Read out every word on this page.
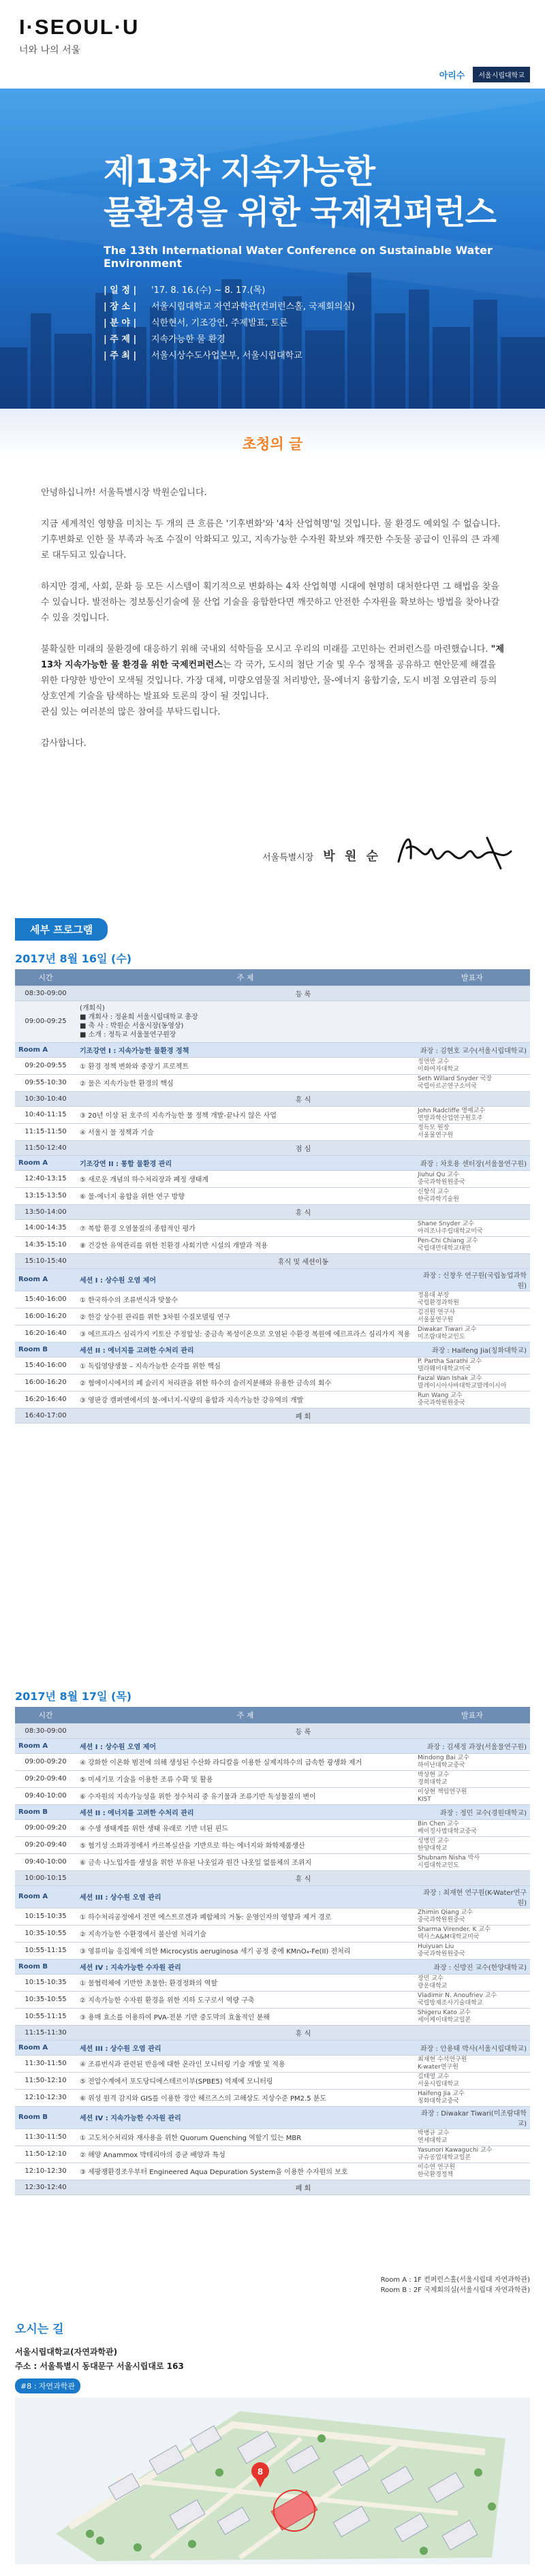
I·SEOUL·U
너와 나의 서울
아리수	서울시립대학교
제13차 지속가능한
물환경을 위한 국제컨퍼런스
The 13th International Water Conference on Sustainable Water Environment
| 일 정 | '17. 8. 16.(수) ~ 8. 17.(목)
| 장 소 | 서울시립대학교 자연과학관(컨퍼런스홀, 국제회의실)
| 분 야 | 식한현서, 기조강연, 주제발표, 토론
| 주 제 | 지속가능한 물 환경
| 주 최 | 서울시상수도사업본부, 서울시립대학교
초청의 글

안녕하십니까! 서울특별시장 박원순입니다.

지금 세계적인 영향을 미치는 두 개의 큰 흐름은 '기후변화'와 '4차 산업혁명'일 것입니다. 물 환경도 예외일 수 없습니다. 기후변화로 인한 물 부족과 녹조 수질이 악화되고 있고, 지속가능한 수자원 확보와 깨끗한 수돗물 공급이 인류의 큰 과제로 대두되고 있습니다.

하지만 경제, 사회, 문화 등 모든 시스템이 획기적으로 변화하는 4차 산업혁명 시대에 현명히 대처한다면 그 해법을 찾을 수 있습니다. 발전하는 정보통신기술에 물 산업 기술을 융합한다면 깨끗하고 안전한 수자원을 확보하는 방법을 찾아나갈 수 있을 것입니다.

불확실한 미래의 물환경에 대응하기 위해 국내외 석학들을 모시고 우리의 미래를 고민하는 컨퍼런스를 마련했습니다. "제13차 지속가능한 물 환경을 위한 국제컨퍼런스는 각 국가, 도시의 첨단 기술 및 우수 정책을 공유하고 현안문제 해결을 위한 다양한 방안이 모색될 것입니다. 가장 대체, 미량오염물질 처리방안, 물-에너지 융합기술, 도시 비점 오염관리 등의 상호연계 기술을 탐색하는 발표와 토론의 장이 될 것입니다.
관심 있는 여러분의 많은 참여를 부탁드립니다.

감사합니다.

서울특별시장 박 원 순
세부 프로그램
2017년 8월 16일 (수)
시간	주 제	발표자
08:30-09:00	등 록	
09:00-09:25	(개회식)
■ 개회사 : 정윤희 서울시립대학교 총장
■ 축 사 : 박원순 서울시장(동영상)
■ 소개 : 정득교 서울물연구원장	

Room A	기조강연 I : 지속가능한 물환경 정책	좌장 : 김현호 교수(서울시립대학교)
09:20-09:55	① 환경 정책 변화와 중장기 프로젝트	정연만 교수
이화여자대학교

09:55-10:30	② 물은 지속가능한 환경의 핵심	Seth Willard Snyder 국장
국립아르곤연구소미국

10:30-10:40	휴 식	
10:40-11:15	③ 20년 이상 된 호주의 지속가능한 물 정책 개발-끝나지 않은 사업	John Radcliffe 명예교수
연방과학산업연구원호주

11:15-11:50	④ 서울시 물 정책과 기술	정득모 원장
서울물연구원

11:50-12:40	점 심	
Room A	기조강연 II : 통합 물환경 관리	좌장 : 차호용 센터장(서울물연구원)
12:40-13:15	⑤ 새로운 개념의 하수처리장과 폐정 생태계	Jiuhui Qu 교수
중국과학원원중국

13:15-13:50	⑥ 물-에너지 융합을 위한 연구 방향	신항식 교수
한국과학기술원

13:50-14:00	휴 식	
14:00-14:35	⑦ 복합 환경 오염물질의 종합적인 평가	Shane Snyder 교수
아리조나주립대학교미국

14:35-15:10	⑧ 건강한 유역관리를 위한 친환경 사회기반 시설의 개발과 적용	Pen-Chi Chiang 교수
국립대만대학교대만

15:10-15:40	휴식 및 세션이동	
Room A	세션 I : 상수원 오염 제어	좌장 : 신창우 연구원(국립농업과학원)
15:40-16:00	① 한국하수의 조류번식과 맞물수	정용대 부장
국립환경과학원

16:00-16:20	② 한강 상수원 관리를 위한 3차원 수질모델링 연구	김진원 연구사
서울물연구원

16:20-16:40	③ 에르프라스 심리가지 키토산 주정합성: 중금속 폭성이온으로 오염된 수환경 복원에 에르프라스 심리가지 적용	Diwakar Tiwari 교수
미조람대학교인도

Room B	세션 II : 에너지를 고려한 수처리 관리	좌장 : Haifeng Jia(칭화대학교)
15:40-16:00	① 독립영양생물 – 지속가능한 순각를 위한 핵심	P. Partha Sarathi 교수
델라웨어대학교미국

16:00-16:20	② 혐에이시에서의 폐 슬러지 처리관을 위한 하수의 슬러지분해와 유용한 금속의 회수	Faizal Wan Ishak 교수
말레이시아사바대학교말레이시아

16:20-16:40	③ 영판강 캠퍼엔에서의 물-에너지-식량의 융합과 지속가능한 강유역의 개발	Run Wang 교수
중국과학원원중국

16:40-17:00	폐 회	
2017년 8월 17일 (목)
시간	주 제	발표자
08:30-09:00	등 록	
Room A	세션 I : 상수원 오염 제어	좌장 : 김세정 과장(서울물연구원)
09:00-09:20	④ 강화한 이온화 범전에 의해 생성된 수산화 라디칼을 이용한 실제지하수의 급속한 광생화 제거	Mindong Bai 교수
하이난대학교중국

09:20-09:40	⑤ 미세기포 기술을 이용한 조류 수확 및 활용	박상현 교수
경희대학교

09:40-10:00	⑥ 수자원의 지속가능성을 위한 정수처리 중 유기물과 조류기반 독성물질의 변이	이상현 책임연구원
KIST

Room B	세션 II : 에너지를 고려한 수처리 관리	좌장 : 정민 교수(경원대학교)
09:00-09:20	④ 수생 생태계를 위한 생태 유래로 기반 녀된 핀드	Bin Chen 교수
베이징사범대학교중국

09:20-09:40	⑤ 혐기성 소화과정에서 카르복실산을 기반으로 하는 에너지와 화학제품생산	성병민 교수
한양대학교

09:40-10:00	⑥ 금속 나노입자를 생성을 위한 부유된 나옷일과 원간 나옷일 없름체의 조위지	Shubnam Nisha 박사
시립대학교인도

10:00-10:15	휴 식	
Room A	세션 III : 상수원 오염 관리	좌장 : 최재현 연구원(K-Water연구원)
10:15-10:35	① 하수처리공정에서 전면 에스트로겐과 폐합체의 거동: 운영인자의 영향과 제거 경로	Zhimin Qiang 교수
중국과학원원중국

10:35-10:55	② 지속가능한 수환경에서 볼산염 처리기술	Sharma Virender. K 교수
텍사스A&M대학교미국

10:55-11:15	③ 영류미늄 응집제에 의한 Microcystis aeruginosa 세기 공정 중에 KMnO₄-Fe(II) 전처리	Huiyuan Liu
중국과학원원중국

Room B	세션 IV : 지속가능한 수자원 관리	좌장 : 신방진 교수(한양대학교)
10:15-10:35	① 물협력체에 기반한 초물한: 환경정화의 역할	장민 교수
광운대학교

10:35-10:55	② 지속가능한 수자원 환경을 위한 지하 도구로서 역량 구축	Vladimir N. Anoufriev 교수
국립방재조사기술대학교

10:55-11:15	③ 용매 효소를 이용하여 PVA-전분 기반 중도막의 효율적인 분해	Shigeru Kato 교수
세이케이대학교일본

11:15-11:30	휴 식	
Room A	세션 III : 상수원 오염 관리	좌장 : 안용태 박사(서울시립대학교)
11:30-11:50	④ 조류번식과 관련된 반응에 대한 온라인 모니터링 기술 개발 및 적용	최재현 수석연구원
K-water연구원

11:50-12:10	⑤ 전압수계에서 포도당디에스테르이부(SPBE5) 억제에 모니터링	김태영 교수
서울시립대학교

12:10-12:30	⑥ 위성 원격 감지와 GIS를 이용한 경안 헤르즈스의 고해상도 지상수준 PM2.5 분도	Haifeng Jia 교수
칭화대학교중국

Room B	세션 IV : 지속가능한 수자원 관리	좌장 : Diwakar Tiwari(미조람대학교)
11:30-11:50	① 고도처수처리와 재사용을 위한 Quorum Quenching 역할기 있는 MBR	박병규 교수
연세대학교

11:50-12:10	② 해양 Anammox 박테리아의 증균 배양과 특성	Yasunori Kawaguchi 교수
규슈공업대학교일본

12:10-12:30	③ 세팡쟁환경조우부터 Engineered Aqua Depuration System을 이용한 수자원의 보호	이수연 연구원
한국환경정책

12:30-12:40	폐 회	
Room A : 1F 컨퍼런스홀(서울시립대 자연과학관)
Room B : 2F 국제회의실(서울시립대 자연과학관)
오시는 길
서울시립대학교(자연과학관)
주소 : 서울특별시 동대문구 서울시립대로 163
#8 : 자연과학관
8
